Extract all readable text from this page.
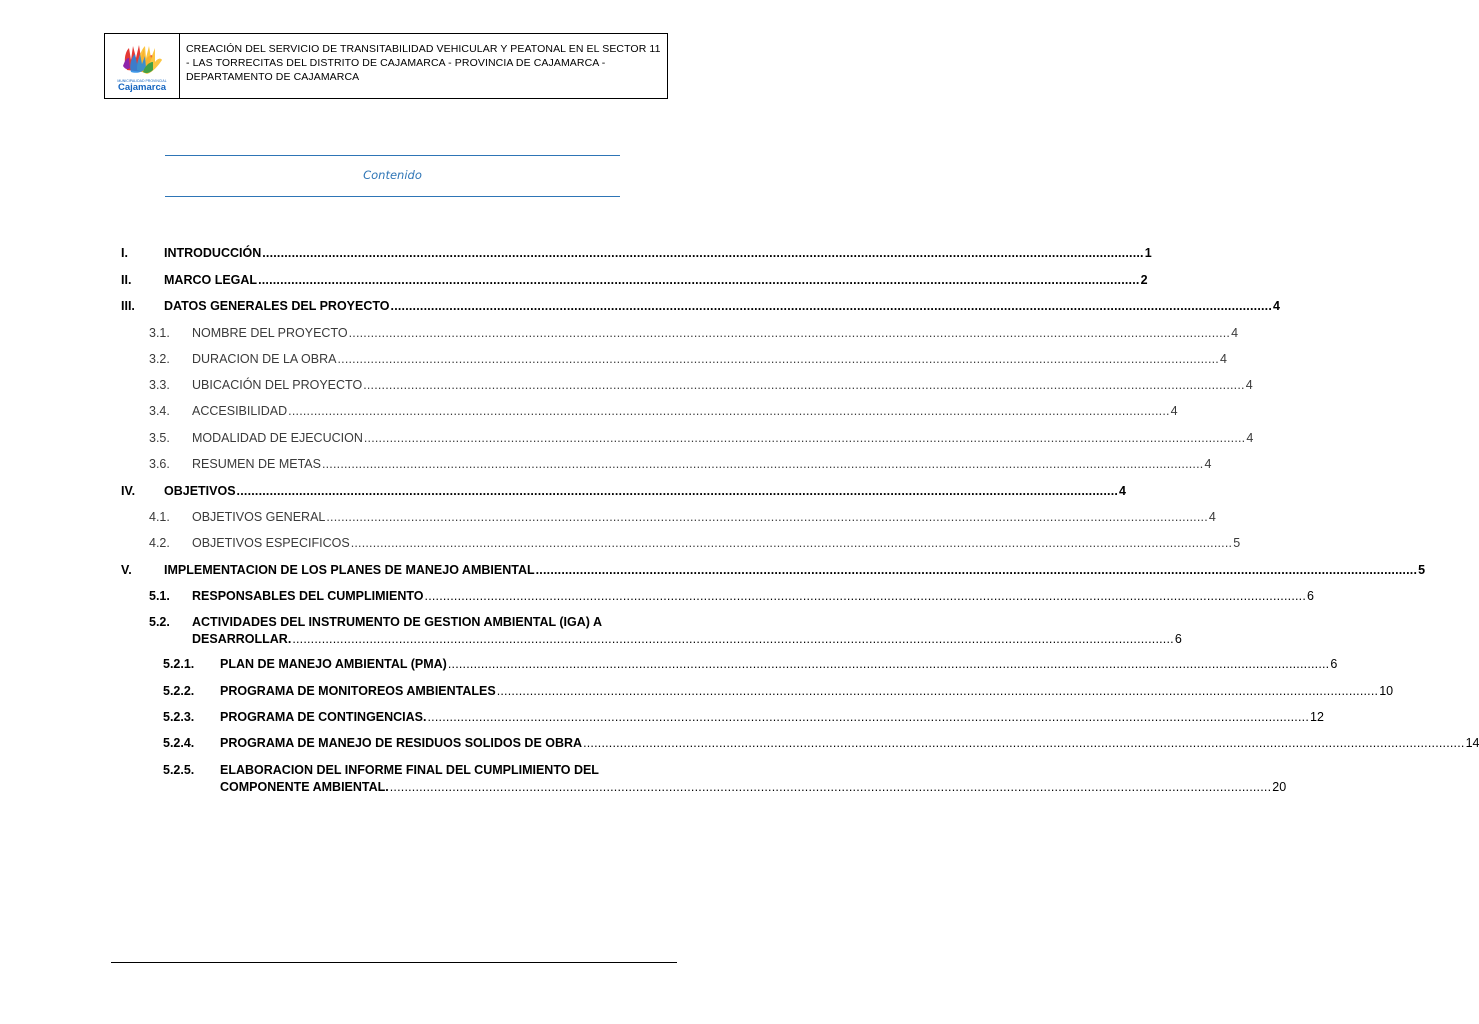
MUNICIPALIDAD PROVINCIAL
Cajamarca
CREACIÓN DEL SERVICIO DE TRANSITABILIDAD VEHICULAR Y PEATONAL EN EL SECTOR 11 - LAS TORRECITAS DEL DISTRITO DE CAJAMARCA - PROVINCIA DE CAJAMARCA - DEPARTAMENTO DE CAJAMARCA
Contenido
I.	INTRODUCCIÓN .....	1
II.	MARCO LEGAL .....	2
III.	DATOS GENERALES DEL PROYECTO .....	4
3.1.	NOMBRE DEL PROYECTO .....	4
3.2.	DURACION DE LA OBRA .....	4
3.3.	UBICACIÓN DEL PROYECTO .....	4
3.4.	ACCESIBILIDAD .....	4
3.5.	MODALIDAD DE EJECUCION .....	4
3.6.	RESUMEN DE METAS .....	4
IV.	OBJETIVOS .....	4
4.1.	OBJETIVOS GENERAL .....	4
4.2.	OBJETIVOS ESPECIFICOS .....	5
V.	IMPLEMENTACION DE LOS PLANES DE MANEJO AMBIENTAL .....	5
5.1.	RESPONSABLES DEL CUMPLIMIENTO .....	6
5.2.	ACTIVIDADES DEL INSTRUMENTO DE GESTION AMBIENTAL (IGA) A
DESARROLLAR. .....	6
5.2.1.	PLAN DE MANEJO AMBIENTAL (PMA) .....	6
5.2.2.	PROGRAMA DE MONITOREOS AMBIENTALES .....	10
5.2.3.	PROGRAMA DE CONTINGENCIAS. .....	12
5.2.4.	PROGRAMA DE MANEJO DE RESIDUOS SOLIDOS DE OBRA .....	14
5.2.5.	ELABORACION DEL INFORME FINAL DEL CUMPLIMIENTO DEL
COMPONENTE AMBIENTAL. .....	20
